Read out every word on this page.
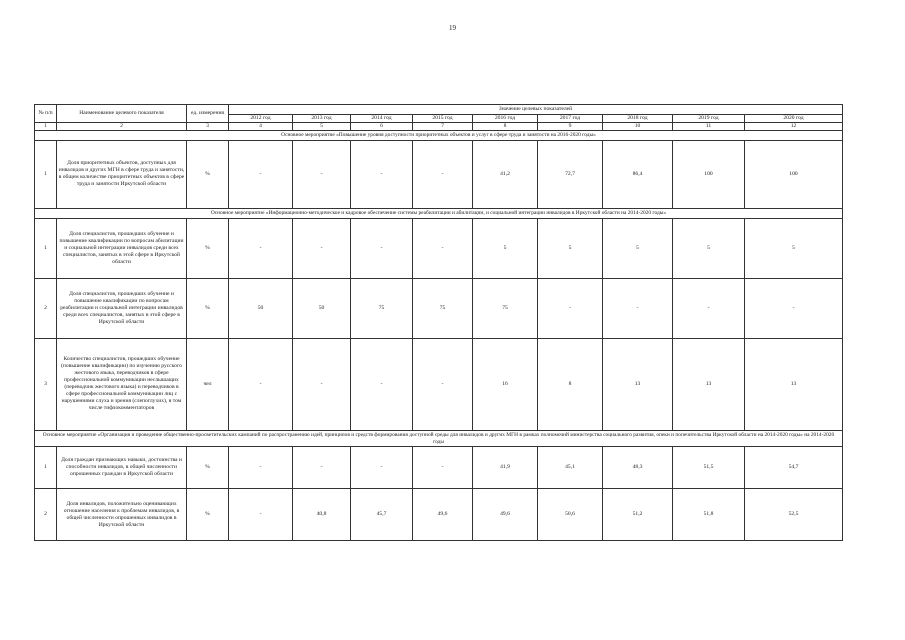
19
№ п/п	Наименование целевого показателя	ед. измерения	Значение целевых показателей								
			2012 год	2013 год	2014 год	2015 год	2016 год	2017 год	2018 год	2019 год	2020 год
1	2	3	4	5	6	7	8	9	10	11	12
Основное мероприятие «Повышение уровня доступности приоритетных объектов и услуг в сфере труда и занятости на 2016-2020 годы»											
1	Доля приоритетных объектов, доступных для инвалидов и других МГН в сфере труда и занятости, в общем количестве приоритетных объектов в сфере труда и занятости Иркутской области	%	-	-	-	-	41,2	72,7	86,4	100	100
Основное мероприятие «Информационно-методическое и кадровое обеспечение системы реабилитации и абилитации, и социальной интеграции инвалидов в Иркутской области на 2014-2020 годы»											
1	Доля специалистов, прошедших обучение и повышение квалификации по вопросам абилитации и социальной интеграции инвалидов среди всех специалистов, занятых в этой сфере в Иркутской области	%	-	-	-	-	5	5	5	5	5
2	Доля специалистов, прошедших обучение и повышение квалификации по вопросам реабилитации и социальной интеграции инвалидов среди всех специалистов, занятых в этой сфере в Иркутской области	%	50	50	75	75	75	-	-	-	-
3	Количество специалистов, прошедших обучение (повышение квалификации) по изучению русского жестового языка, переводчиков в сфере профессиональной коммуникации неслышащих (переводчик жестового языка) и переводчиков в сфере профессиональной коммуникации лиц с нарушениями слуха и зрения (слепоглухих), в том числе тифлокомментаторов	чел	-	-	-	-	16	8	13	13	13
Основное мероприятие «Организация и проведение общественно-просветительских кампаний по распространению идей, принципов и средств формирования доступной среды для инвалидов и других МГН в рамках полномочий министерства социального развития, опеки и попечительства Иркутской области на 2014-2020 годы» на 2014-2020 годы											
1	Доля граждан признающих навыки, достоинства и способности инвалидов, в общей численности опрошенных граждан в Иркутской области	%	-	-	-	-	41,9	45,1	48,3	51,5	54,7
2	Доля инвалидов, положительно оценивающих отношение населения к проблемам инвалидов, в общей численности опрошенных инвалидов в Иркутской области	%	-	40,8	45,7	49,6	49,6	50,6	51,2	51,8	52,5
